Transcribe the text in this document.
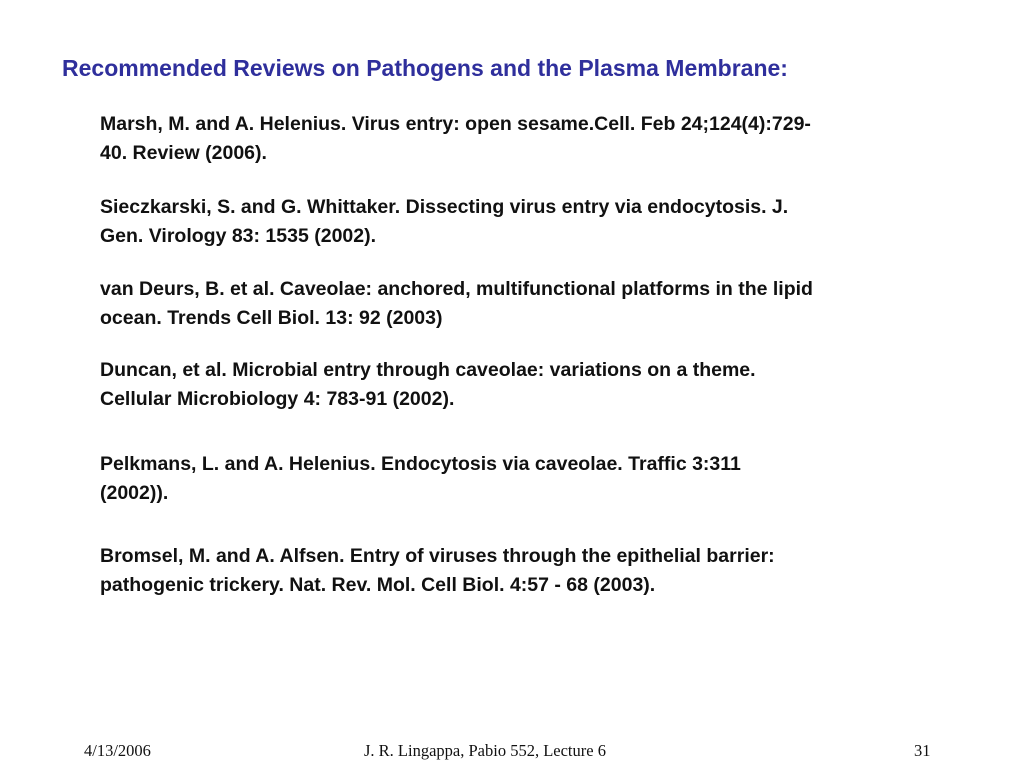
Recommended Reviews on Pathogens and the Plasma Membrane:

Marsh, M. and A. Helenius. Virus entry: open sesame.Cell. Feb 24;124(4):729-
40. Review (2006).

Sieczkarski, S. and G. Whittaker. Dissecting virus entry via endocytosis. J.
Gen. Virology 83: 1535 (2002).

van Deurs, B. et al. Caveolae: anchored, multifunctional platforms in the lipid
ocean. Trends Cell Biol. 13: 92 (2003)

Duncan, et al. Microbial entry through caveolae: variations on a theme.
Cellular Microbiology 4: 783-91 (2002).

Pelkmans, L. and A. Helenius. Endocytosis via caveolae. Traffic 3:311
(2002)).

Bromsel, M. and A. Alfsen. Entry of viruses through the epithelial barrier:
pathogenic trickery. Nat. Rev. Mol. Cell Biol. 4:57 - 68 (2003).

4/13/2006	J. R. Lingappa, Pabio 552, Lecture 6	31
